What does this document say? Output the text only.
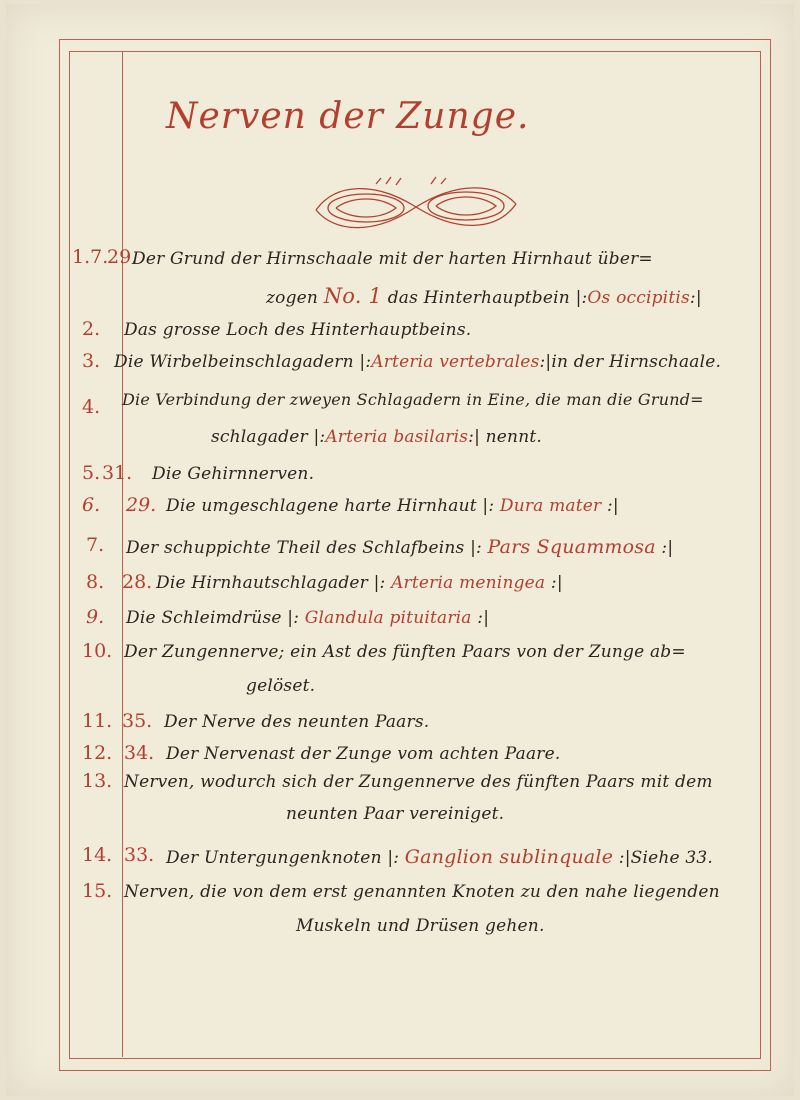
Nerven der Zunge.
1.7.
29.
Der Grund der Hirnschaale mit der harten Hirnhaut über=
zogen No. 1 das Hinterhauptbein |:Os occipitis:|
2. Das grosse Loch des Hinterhauptbeins.
3. Die Wirbelbeinschlagadern |:Arteria vertebrales:|in der Hirnschaale.
4. Die Verbindung der zweyen Schlagadern in Eine, die man die Grund=
schlagader |:Arteria basilaris:| nennt.
5. 31. Die Gehirnnerven.
6. 29. Die umgeschlagene harte Hirnhaut |: Dura mater :|
7. Der schuppichte Theil des Schlafbeins |: Pars Squammosa :|
8. 28. Die Hirnhautschlagader |: Arteria meningea :|
9. Die Schleimdrüse |: Glandula pituitaria :|
10. Der Zungennerve; ein Ast des fünften Paars von der Zunge ab=
gelöset.
11. 35. Der Nerve des neunten Paars.
12. 34. Der Nervenast der Zunge vom achten Paare.
13. Nerven, wodurch sich der Zungennerve des fünften Paars mit dem
neunten Paar vereiniget.
14. 33. Der Untergungenknoten |: Ganglion sublinquale :|Siehe 33.
15. Nerven, die von dem erst genannten Knoten zu den nahe liegenden
Muskeln und Drüsen gehen.
